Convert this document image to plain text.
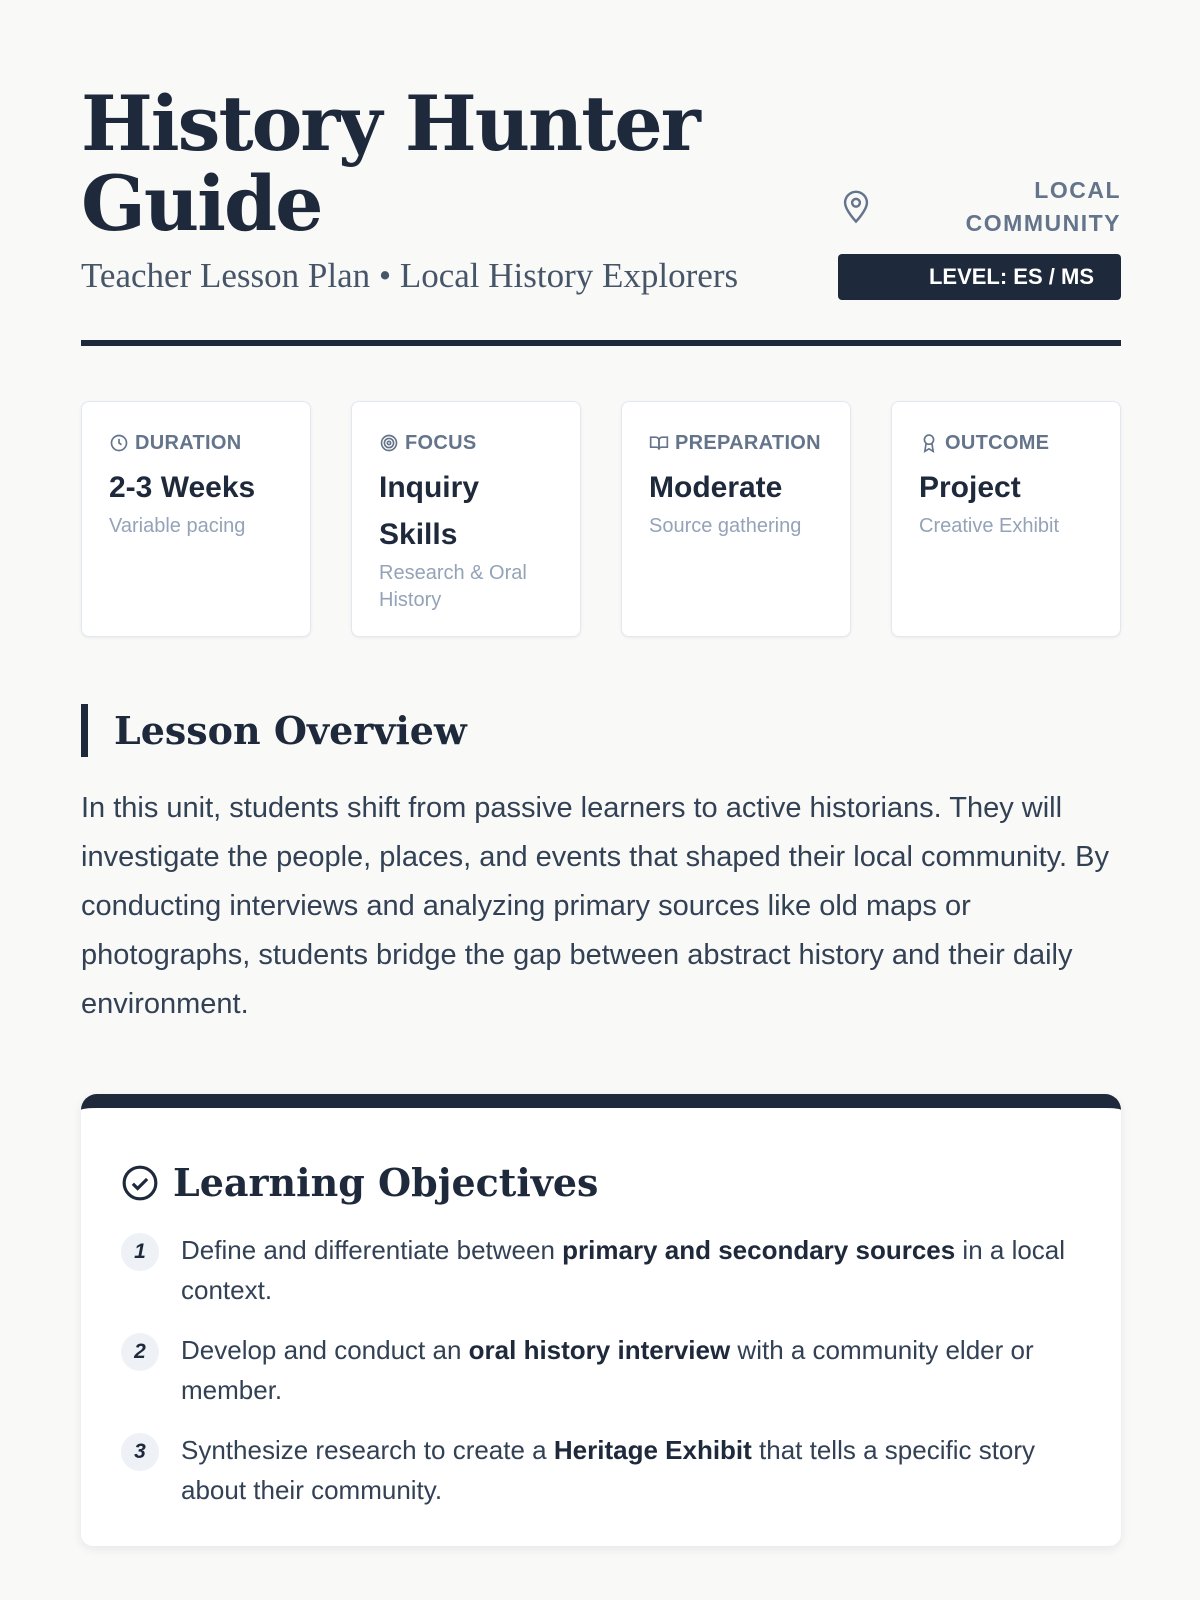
History Hunter Guide
Teacher Lesson Plan • Local History Explorers
LOCAL COMMUNITY
LEVEL: ES / MS
DURATION
2-3 Weeks
Variable pacing
FOCUS
Inquiry Skills
Research & Oral History
PREPARATION
Moderate
Source gathering
OUTCOME
Project
Creative Exhibit
Lesson Overview

In this unit, students shift from passive learners to active historians. They will investigate the people, places, and events that shaped their local community. By conducting interviews and analyzing primary sources like old maps or photographs, students bridge the gap between abstract history and their daily environment.

Learning Objectives
1	Define and differentiate between primary and secondary sources in a local context.
2	Develop and conduct an oral history interview with a community elder or member.
3	Synthesize research to create a Heritage Exhibit that tells a specific story about their community.
